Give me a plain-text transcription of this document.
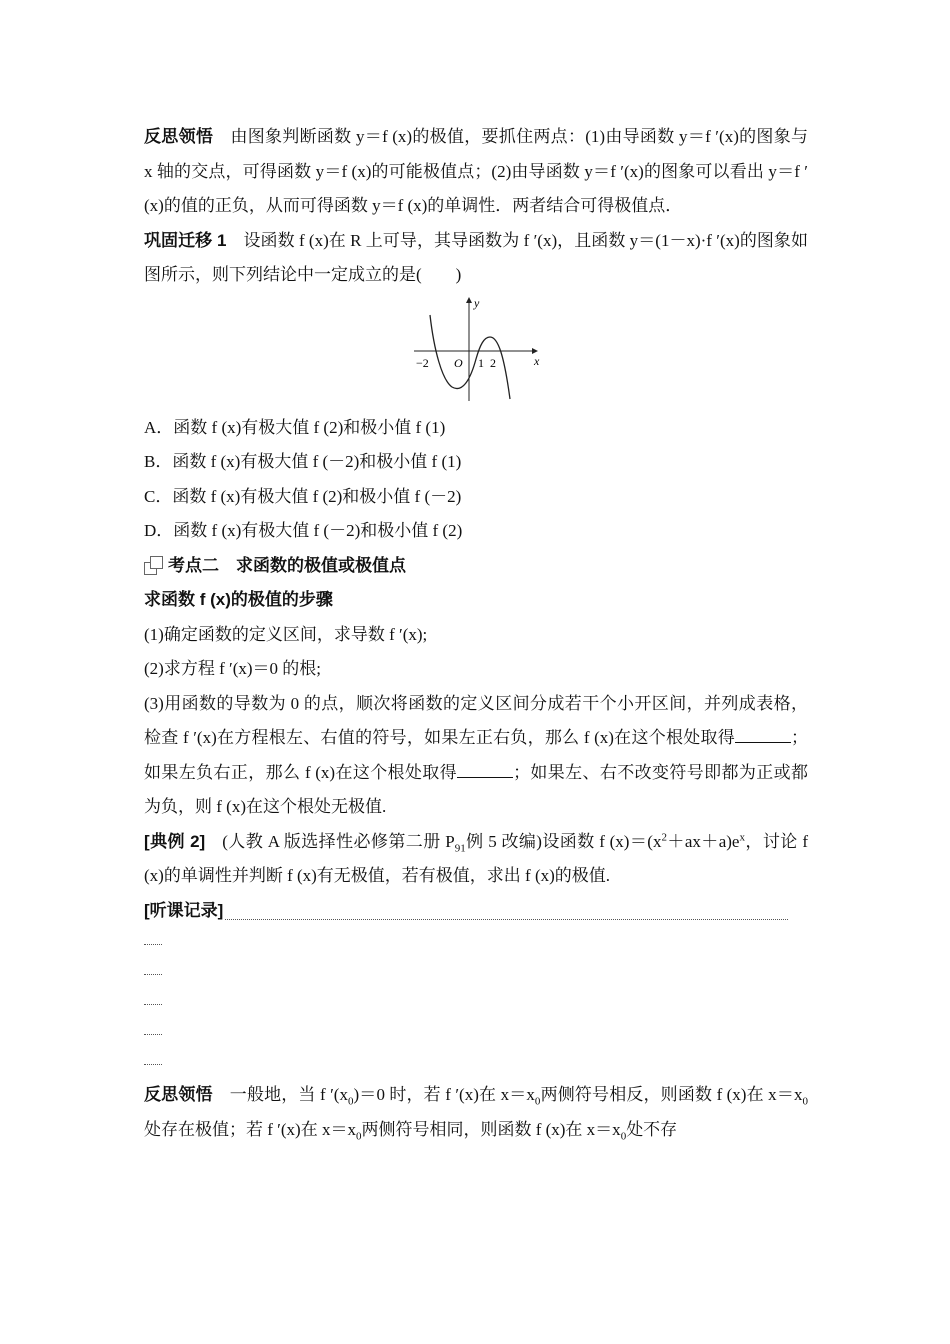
反思领悟  由图象判断函数 y＝f (x)的极值，要抓住两点：(1)由导函数 y＝f ′(x)的图象与 x 轴的交点，可得函数 y＝f (x)的可能极值点；(2)由导函数 y＝f ′(x)的图象可以看出 y＝f ′(x)的值的正负，从而可得函数 y＝f (x)的单调性．两者结合可得极值点．

巩固迁移 1  设函数 f (x)在 R 上可导，其导函数为 f ′(x)，且函数 y＝(1－x)·f ′(x)的图象如图所示，则下列结论中一定成立的是(　　)

y
x
O
−2	1 2

A．函数 f (x)有极大值 f (2)和极小值 f (1)

B．函数 f (x)有极大值 f (－2)和极小值 f (1)

C．函数 f (x)有极大值 f (2)和极小值 f (－2)

D．函数 f (x)有极大值 f (－2)和极小值 f (2)

考点二　求函数的极值或极值点

求函数 f (x)的极值的步骤

(1)确定函数的定义区间，求导数 f ′(x);

(2)求方程 f ′(x)＝0 的根;

(3)用函数的导数为 0 的点，顺次将函数的定义区间分成若干个小开区间，并列成表格，检查 f ′(x)在方程根左、右值的符号，如果左正右负，那么 f (x)在这个根处取得	；如果左负右正，那么 f (x)在这个根处取得	；如果左、右不改变符号即都为正或都为负，则 f (x)在这个根处无极值.

[典例 2]  (人教 A 版选择性必修第二册 $P_{91}$例 5 改编)设函数 f $(x)=(x^2+ax+a)e^x$，讨论 f (x)的单调性并判断 f (x)有无极值，若有极值，求出 f (x)的极值.

[听课记录]

反思领悟  一般地，当 f $'(x_0)=0$ 时，若 f ′(x)在 $x=x_0$两侧符号相反，则函数 f (x)在 $x=x_0$处存在极值；若 f ′(x)在 $x=x_0$两侧符号相同，则函数 f (x)在 $x=x_0$处不存
